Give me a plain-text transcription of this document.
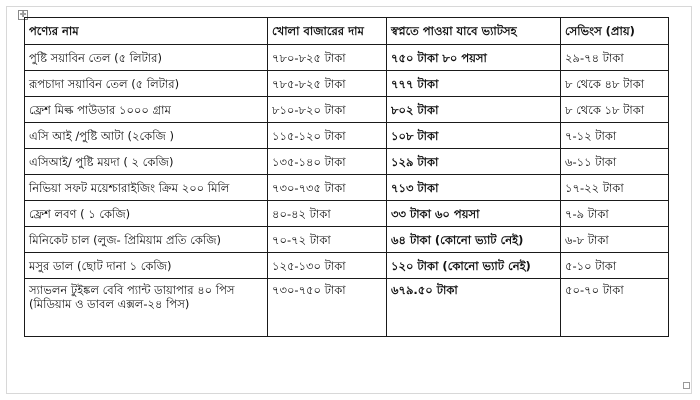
✛
পণ্যের নাম	খোলা বাজারের দাম	স্বপ্নতে পাওয়া যাবে ভ্যাটসহ	সেভিংস (প্রায়)
পুষ্টি সয়াবিন তেল (৫ লিটার)	৭৮০-৮২৫ টাকা	৭৫০ টাকা ৮০ পয়সা	২৯-৭৪ টাকা
রূপচাদা সয়াবিন তেল (৫ লিটার)	৭৮৫-৮২৫ টাকা	৭৭৭ টাকা	৮ থেকে ৪৮ টাকা
ফ্রেশ মিল্ক পাউডার ১০০০ গ্রাম	৮১০-৮২০ টাকা	৮০২ টাকা	৮ থেকে ১৮ টাকা
এসি আই /পুষ্টি আটা (২কেজি )	১১৫-১২০ টাকা	১০৮ টাকা	৭-১২ টাকা
এসিআই/ পুষ্টি ময়দা ( ২ কেজি)	১৩৫-১৪০ টাকা	১২৯ টাকা	৬-১১ টাকা
নিভিয়া সফট ময়েশ্চারাইজিং ক্রিম ২০০ মিলি	৭৩০-৭৩৫ টাকা	৭১৩ টাকা	১৭-২২ টাকা
ফ্রেশ লবণ ( ১ কেজি)	৪০-৪২ টাকা	৩৩ টাকা ৬০ পয়সা	৭-৯ টাকা
মিনিকেট চাল (লুজ- প্রিমিয়াম প্রতি কেজি)	৭০-৭২ টাকা	৬৪ টাকা (কোনো ভ্যাট নেই)	৬-৮ টাকা
মসুর ডাল (ছোট দানা ১ কেজি)	১২৫-১৩০ টাকা	১২০ টাকা (কোনো ভ্যাট নেই)	৫-১০ টাকা
স্যাভলন টুইঙ্কল বেবি প্যান্ট ডায়াপার ৪০ পিস (মিডিয়াম ও ডাবল এক্সল-২৪ পিস)	৭৩০-৭৫০ টাকা	৬৭৯.৫০ টাকা	৫০-৭০ টাকা
